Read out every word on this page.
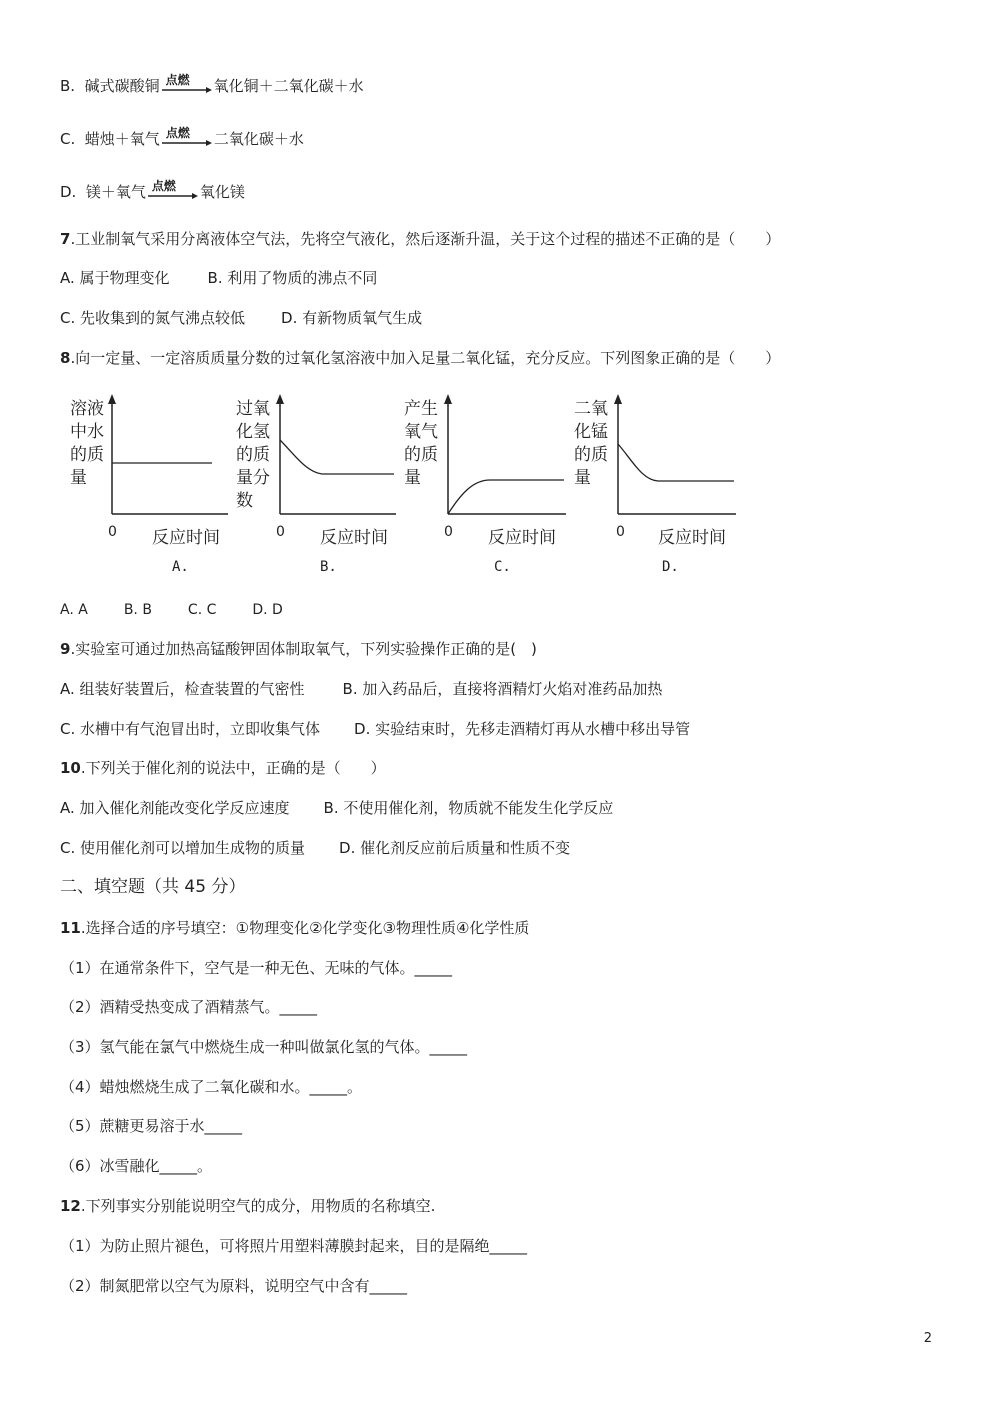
B. 碱式碳酸铜 点燃 氧化铜＋二氧化碳＋水
C. 蜡烛＋氧气 点燃 二氧化碳＋水
D. 镁＋氧气 点燃 氧化镁
7.工业制氧气采用分离液体空气法，先将空气液化，然后逐渐升温，关于这个过程的描述不正确的是（　　）
A. 属于物理变化	B. 利用了物质的沸点不同
C. 先收集到的氮气沸点较低 D. 有新物质氧气生成
8.向一定量、一定溶质质量分数的过氧化氢溶液中加入足量二氧化锰，充分反应。下列图象正确的是（　　）
溶液
中水
的质
量
0 反应时间
A.
过氧
化氢
的质
量分
数
0 反应时间
B.
产生
氧气
的质
量
0 反应时间
C.
二氧
化锰
的质
量
0 反应时间
D.
A. A	B. B	C. C	D. D
9.实验室可通过加热高锰酸钾固体制取氧气，下列实验操作正确的是(　)
A. 组装好装置后，检查装置的气密性	B. 加入药品后，直接将酒精灯火焰对准药品加热
C. 水槽中有气泡冒出时，立即收集气体 D. 实验结束时，先移走酒精灯再从水槽中移出导管
10.下列关于催化剂的说法中，正确的是（　　）
A. 加入催化剂能改变化学反应速度 B. 不使用催化剂，物质就不能发生化学反应
C. 使用催化剂可以增加生成物的质量 D. 催化剂反应前后质量和性质不变
二、填空题（共 45 分）
11.选择合适的序号填空：①物理变化②化学变化③物理性质④化学性质
（1）在通常条件下，空气是一种无色、无味的气体。_____
（2）酒精受热变成了酒精蒸气。_____
（3）氢气能在氯气中燃烧生成一种叫做氯化氢的气体。_____
（4）蜡烛燃烧生成了二氧化碳和水。_____。
（5）蔗糖更易溶于水_____
（6）冰雪融化_____。
12.下列事实分别能说明空气的成分，用物质的名称填空.
（1）为防止照片褪色，可将照片用塑料薄膜封起来，目的是隔绝_____
（2）制氮肥常以空气为原料，说明空气中含有_____
2
